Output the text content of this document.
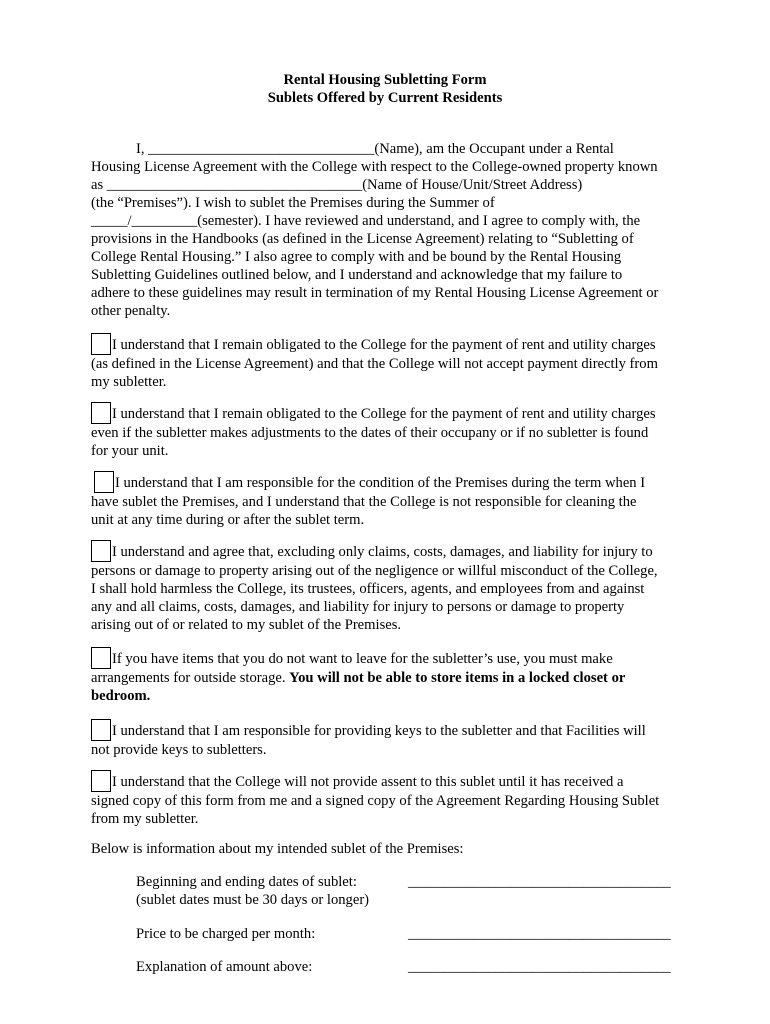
Rental Housing Subletting Form
Sublets Offered by Current Residents
I, _______________________________(Name), am the Occupant under a Rental
Housing License Agreement with the College with respect to the College-owned property known
as ___________________________________(Name of House/Unit/Street Address)
(the “Premises”). I wish to sublet the Premises during the Summer of
_____/_________(semester). I have reviewed and understand, and I agree to comply with, the
provisions in the Handbooks (as defined in the License Agreement) relating to “Subletting of
College Rental Housing.” I also agree to comply with and be bound by the Rental Housing
Subletting Guidelines outlined below, and I understand and acknowledge that my failure to
adhere to these guidelines may result in termination of my Rental Housing License Agreement or
other penalty.
I understand that I remain obligated to the College for the payment of rent and utility charges
(as defined in the License Agreement) and that the College will not accept payment directly from
my subletter.
I understand that I remain obligated to the College for the payment of rent and utility charges
even if the subletter makes adjustments to the dates of their occupany or if no subletter is found
for your unit.
I understand that I am responsible for the condition of the Premises during the term when I
have sublet the Premises, and I understand that the College is not responsible for cleaning the
unit at any time during or after the sublet term.
I understand and agree that, excluding only claims, costs, damages, and liability for injury to
persons or damage to property arising out of the negligence or willful misconduct of the College,
I shall hold harmless the College, its trustees, officers, agents, and employees from and against
any and all claims, costs, damages, and liability for injury to persons or damage to property
arising out of or related to my sublet of the Premises.
If you have items that you do not want to leave for the subletter’s use, you must make
arrangements for outside storage. You will not be able to store items in a locked closet or
bedroom.
I understand that I am responsible for providing keys to the subletter and that Facilities will
not provide keys to subletters.
I understand that the College will not provide assent to this sublet until it has received a
signed copy of this form from me and a signed copy of the Agreement Regarding Housing Sublet
from my subletter.
Below is information about my intended sublet of the Premises:
Beginning and ending dates of sublet:
(sublet dates must be 30 days or longer)
____________________________________
Price to be charged per month:	____________________________________
Explanation of amount above:	____________________________________
